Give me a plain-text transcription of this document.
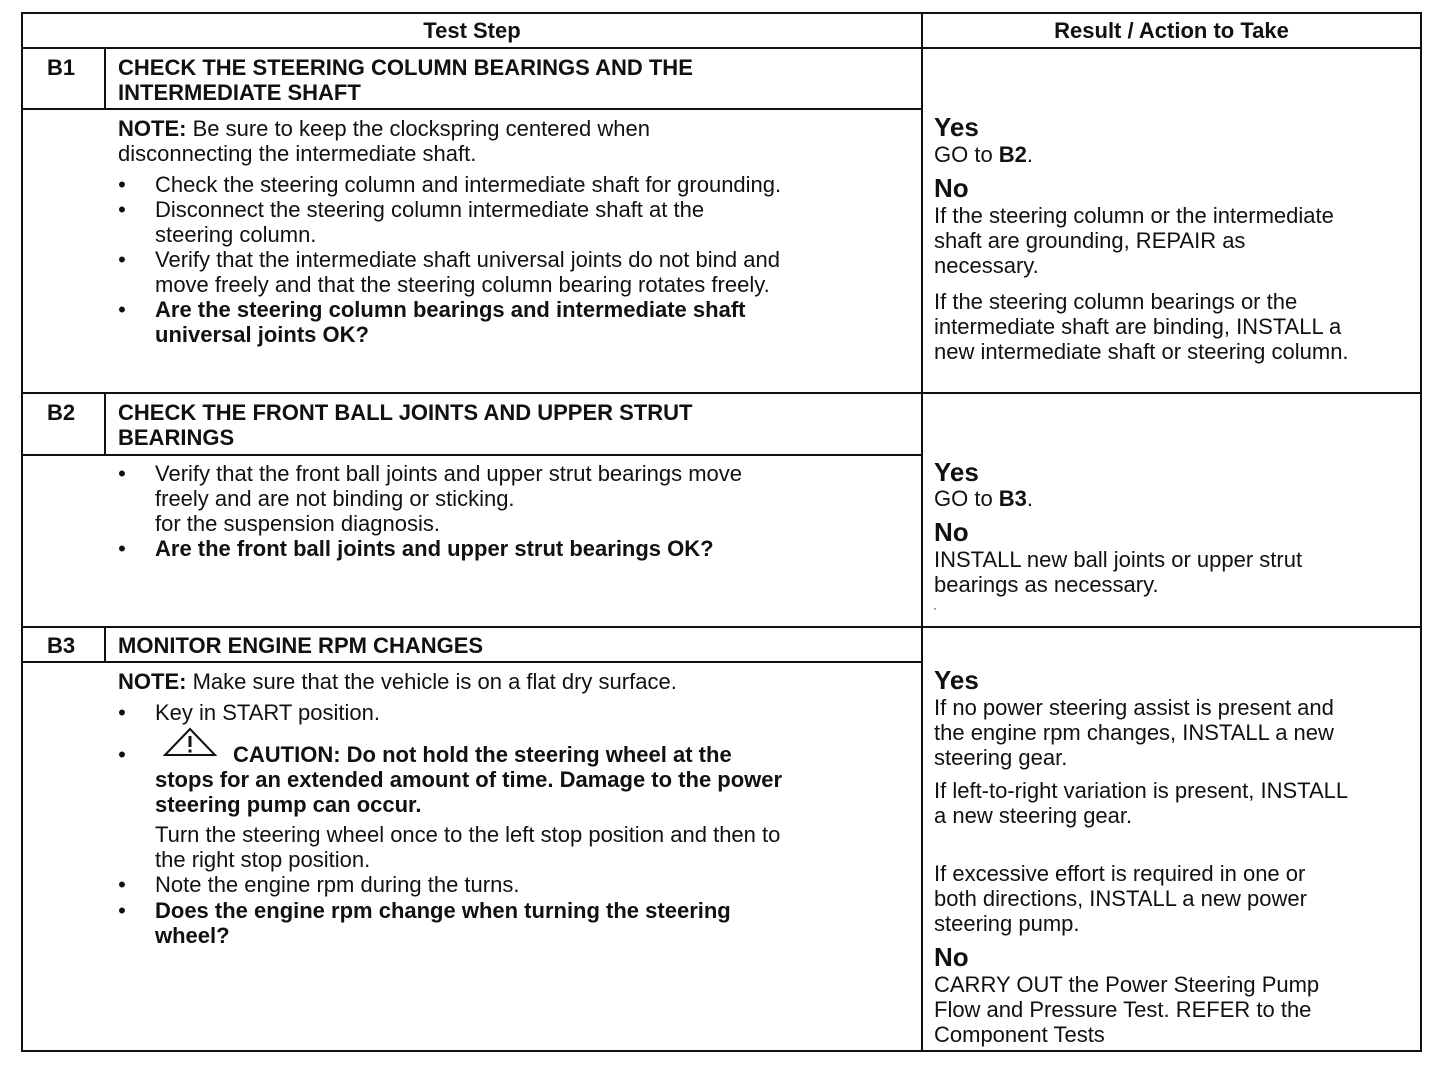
Test Step	Result / Action to Take
B1 CHECK THE STEERING COLUMN BEARINGS AND THE
INTERMEDIATE SHAFT
NOTE: Be sure to keep the clockspring centered when
disconnecting the intermediate shaft.
• Check the steering column and intermediate shaft for grounding.
• Disconnect the steering column intermediate shaft at the
steering column.
• Verify that the intermediate shaft universal joints do not bind and
move freely and that the steering column bearing rotates freely.
• Are the steering column bearings and intermediate shaft
universal joints OK?
Yes
GO to B2.
No
If the steering column or the intermediate
shaft are grounding, REPAIR as
necessary.
If the steering column bearings or the
intermediate shaft are binding, INSTALL a
new intermediate shaft or steering column.
B2 CHECK THE FRONT BALL JOINTS AND UPPER STRUT
BEARINGS
• Verify that the front ball joints and upper strut bearings move
freely and are not binding or sticking.
for the suspension diagnosis.
• Are the front ball joints and upper strut bearings OK?
Yes
GO to B3.
No
INSTALL new ball joints or upper strut
bearings as necessary.
·
B3 MONITOR ENGINE RPM CHANGES
NOTE: Make sure that the vehicle is on a flat dry surface.
• Key in START position.
•	CAUTION: Do not hold the steering wheel at the
stops for an extended amount of time. Damage to the power
steering pump can occur.
Turn the steering wheel once to the left stop position and then to
the right stop position.
• Note the engine rpm during the turns.
• Does the engine rpm change when turning the steering
wheel?
Yes
If no power steering assist is present and
the engine rpm changes, INSTALL a new
steering gear.
If left-to-right variation is present, INSTALL
a new steering gear.
If excessive effort is required in one or
both directions, INSTALL a new power
steering pump.
No
CARRY OUT the Power Steering Pump
Flow and Pressure Test. REFER to the
Component Tests
